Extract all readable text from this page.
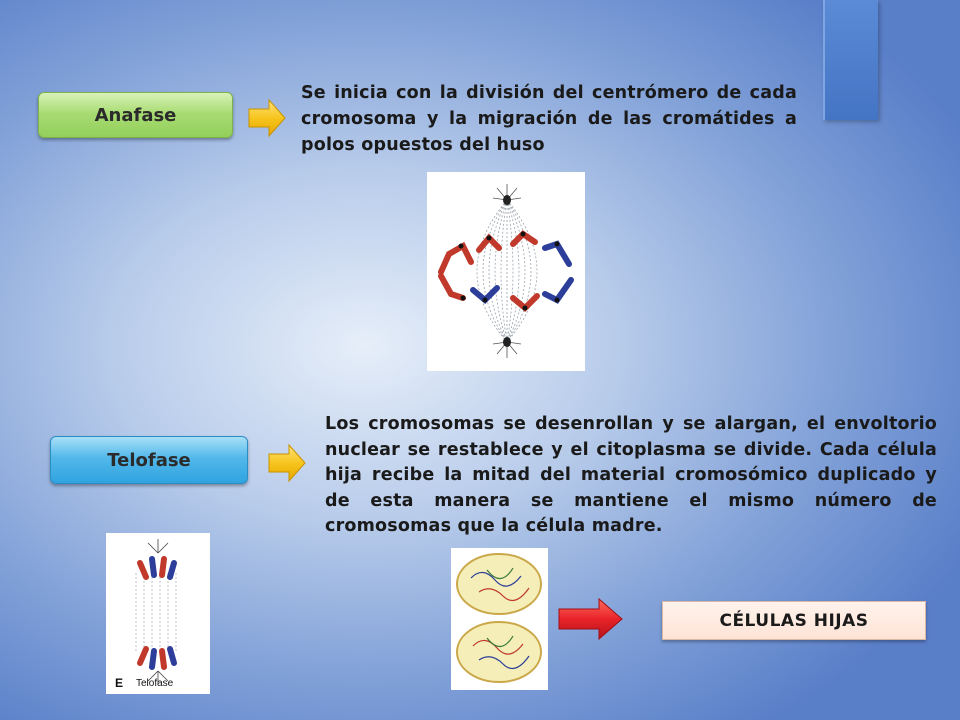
Anafase
Se inicia con la división del centrómero de cada cromosoma y la migración de las cromátides a polos opuestos del huso
Telofase
Los cromosomas se desenrollan y se alargan, el envoltorio nuclear se restablece y el citoplasma se divide. Cada célula hija recibe la mitad del material cromosómico duplicado y de esta manera se mantiene el mismo número de cromosomas que la célula madre.
E Telofase
CÉLULAS HIJAS
